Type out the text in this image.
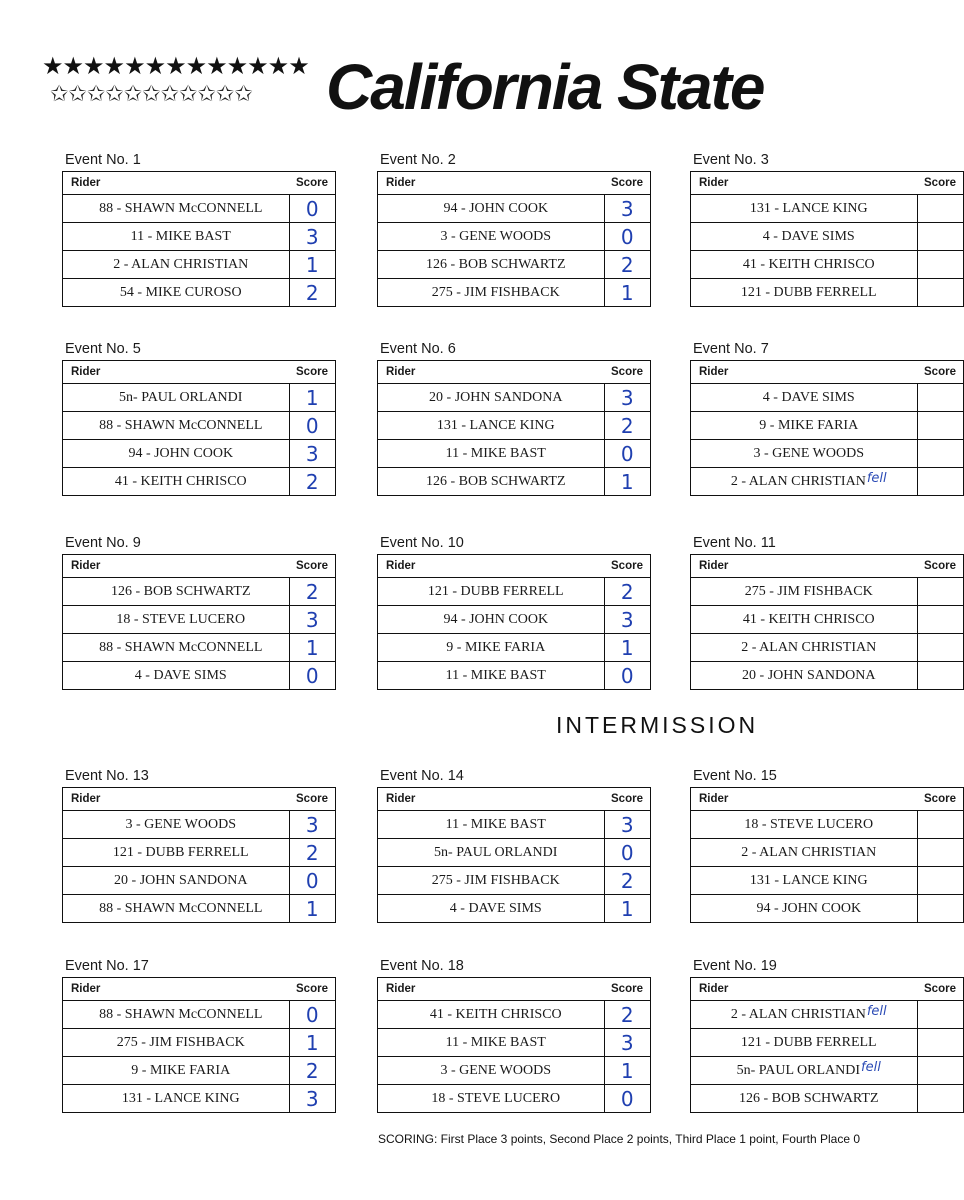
★★★★★★★★★★★★★
✩✩✩✩✩✩✩✩✩✩✩ California State
Event No. 1
Rider	Score
88 - SHAWN McCONNELL	0
11 - MIKE BAST	3
2 - ALAN CHRISTIAN	1
54 - MIKE CUROSO	2
Event No. 2
Rider	Score
94 - JOHN COOK	3
3 - GENE WOODS	0
126 - BOB SCHWARTZ	2
275 - JIM FISHBACK	1
Event No. 3
Rider	Score
131 - LANCE KING	
4 - DAVE SIMS	
41 - KEITH CHRISCO	
121 - DUBB FERRELL	
Event No. 5
Rider	Score
5n- PAUL ORLANDI	1
88 - SHAWN McCONNELL	0
94 - JOHN COOK	3
41 - KEITH CHRISCO	2
Event No. 6
Rider	Score
20 - JOHN SANDONA	3
131 - LANCE KING	2
11 - MIKE BAST	0
126 - BOB SCHWARTZ	1
Event No. 7
Rider	Score
4 - DAVE SIMS	
9 - MIKE FARIA	
3 - GENE WOODS	
2 - ALAN CHRISTIANfell	
Event No. 9
Rider	Score
126 - BOB SCHWARTZ	2
18 - STEVE LUCERO	3
88 - SHAWN McCONNELL	1
4 - DAVE SIMS	0
Event No. 10
Rider	Score
121 - DUBB FERRELL	2
94 - JOHN COOK	3
9 - MIKE FARIA	1
11 - MIKE BAST	0
Event No. 11
Rider	Score
275 - JIM FISHBACK	
41 - KEITH CHRISCO	
2 - ALAN CHRISTIAN	
20 - JOHN SANDONA	
Event No. 13
Rider	Score
3 - GENE WOODS	3
121 - DUBB FERRELL	2
20 - JOHN SANDONA	0
88 - SHAWN McCONNELL	1
Event No. 14
Rider	Score
11 - MIKE BAST	3
5n- PAUL ORLANDI	0
275 - JIM FISHBACK	2
4 - DAVE SIMS	1
Event No. 15
Rider	Score
18 - STEVE LUCERO	
2 - ALAN CHRISTIAN	
131 - LANCE KING	
94 - JOHN COOK	
Event No. 17
Rider	Score
88 - SHAWN McCONNELL	0
275 - JIM FISHBACK	1
9 - MIKE FARIA	2
131 - LANCE KING	3
Event No. 18
Rider	Score
41 - KEITH CHRISCO	2
11 - MIKE BAST	3
3 - GENE WOODS	1
18 - STEVE LUCERO	0
Event No. 19
Rider	Score
2 - ALAN CHRISTIANfell	
121 - DUBB FERRELL	
5n- PAUL ORLANDIfell	
126 - BOB SCHWARTZ	
INTERMISSION
SCORING: First Place 3 points, Second Place 2 points, Third Place 1 point, Fourth Place 0
